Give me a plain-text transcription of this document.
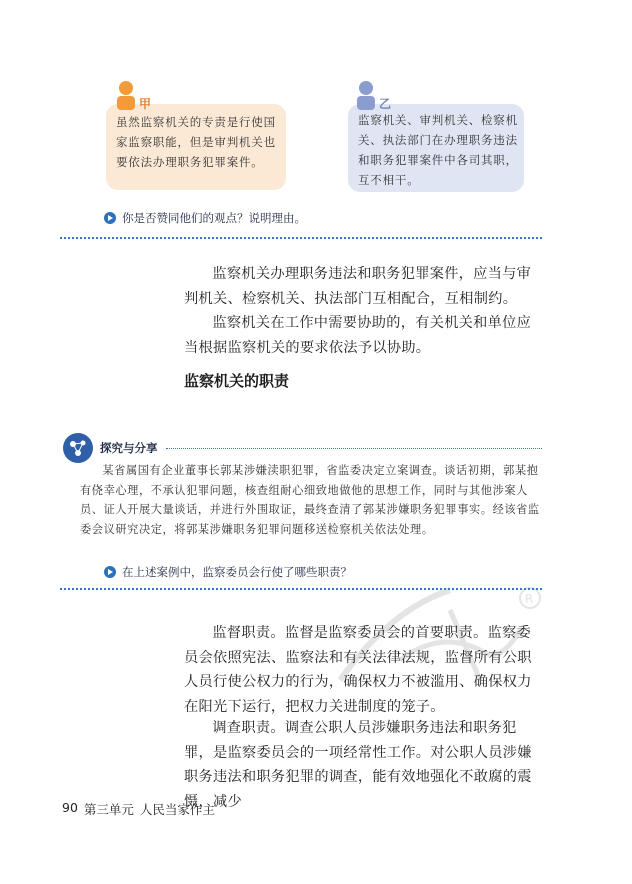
R
虽然监察机关的专责是行使国家监察职能，但是审判机关也要依法办理职务犯罪案件。
甲
监察机关、审判机关、检察机关、执法部门在办理职务违法和职务犯罪案件中各司其职，互不相干。
乙
你是否赞同他们的观点？说明理由。

监察机关办理职务违法和职务犯罪案件，应当与审判机关、检察机关、执法部门互相配合，互相制约。

监察机关在工作中需要协助的，有关机关和单位应当根据监察机关的要求依法予以协助。

监察机关的职责
探究与分享

某省属国有企业董事长郭某涉嫌渎职犯罪，省监委决定立案调查。谈话初期，郭某抱有侥幸心理，不承认犯罪问题，核查组耐心细致地做他的思想工作，同时与其他涉案人员、证人开展大量谈话，并进行外围取证，最终查清了郭某涉嫌职务犯罪事实。经该省监委会议研究决定，将郭某涉嫌职务犯罪问题移送检察机关依法处理。

在上述案例中，监察委员会行使了哪些职责？

监督职责。监督是监察委员会的首要职责。监察委员会依照宪法、监察法和有关法律法规，监督所有公职人员行使公权力的行为，确保权力不被滥用、确保权力在阳光下运行，把权力关进制度的笼子。

调查职责。调查公职人员涉嫌职务违法和职务犯罪，是监察委员会的一项经常性工作。对公职人员涉嫌职务违法和职务犯罪的调查，能有效地强化不敢腐的震慑，减少

90 第三单元 人民当家作主
